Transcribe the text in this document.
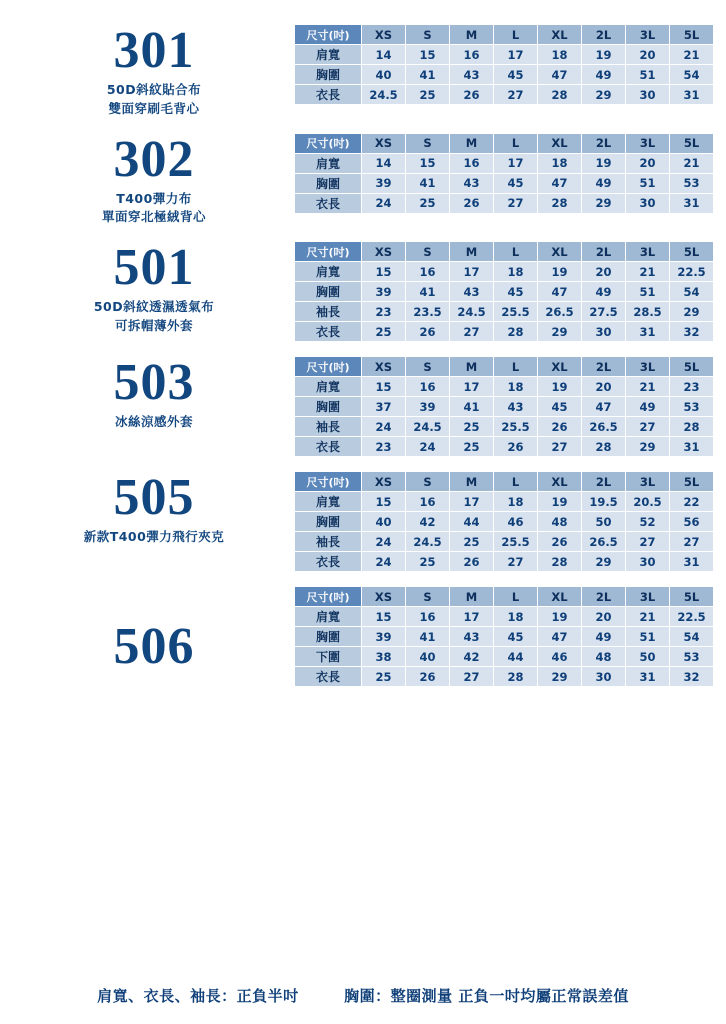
301
50D斜紋貼合布
雙面穿刷毛背心
尺寸(吋)	XS	S	M	L	XL	2L	3L	5L
肩寬	14	15	16	17	18	19	20	21
胸圍	40	41	43	45	47	49	51	54
衣長	24.5	25	26	27	28	29	30	31
302
T400彈力布
單面穿北極絨背心
尺寸(吋)	XS	S	M	L	XL	2L	3L	5L
肩寬	14	15	16	17	18	19	20	21
胸圍	39	41	43	45	47	49	51	53
衣長	24	25	26	27	28	29	30	31
501
50D斜紋透濕透氣布
可拆帽薄外套
尺寸(吋)	XS	S	M	L	XL	2L	3L	5L
肩寬	15	16	17	18	19	20	21	22.5
胸圍	39	41	43	45	47	49	51	54
袖長	23	23.5	24.5	25.5	26.5	27.5	28.5	29
衣長	25	26	27	28	29	30	31	32
503
冰絲涼感外套
尺寸(吋)	XS	S	M	L	XL	2L	3L	5L
肩寬	15	16	17	18	19	20	21	23
胸圍	37	39	41	43	45	47	49	53
袖長	24	24.5	25	25.5	26	26.5	27	28
衣長	23	24	25	26	27	28	29	31
505
新款T400彈力飛行夾克
尺寸(吋)	XS	S	M	L	XL	2L	3L	5L
肩寬	15	16	17	18	19	19.5	20.5	22
胸圍	40	42	44	46	48	50	52	56
袖長	24	24.5	25	25.5	26	26.5	27	27
衣長	24	25	26	27	28	29	30	31
506
尺寸(吋)	XS	S	M	L	XL	2L	3L	5L
肩寬	15	16	17	18	19	20	21	22.5
胸圍	39	41	43	45	47	49	51	54
下圍	38	40	42	44	46	48	50	53
衣長	25	26	27	28	29	30	31	32
肩寬、衣長、袖長：正負半吋	胸圍：整圈測量 正負一吋均屬正常誤差值
